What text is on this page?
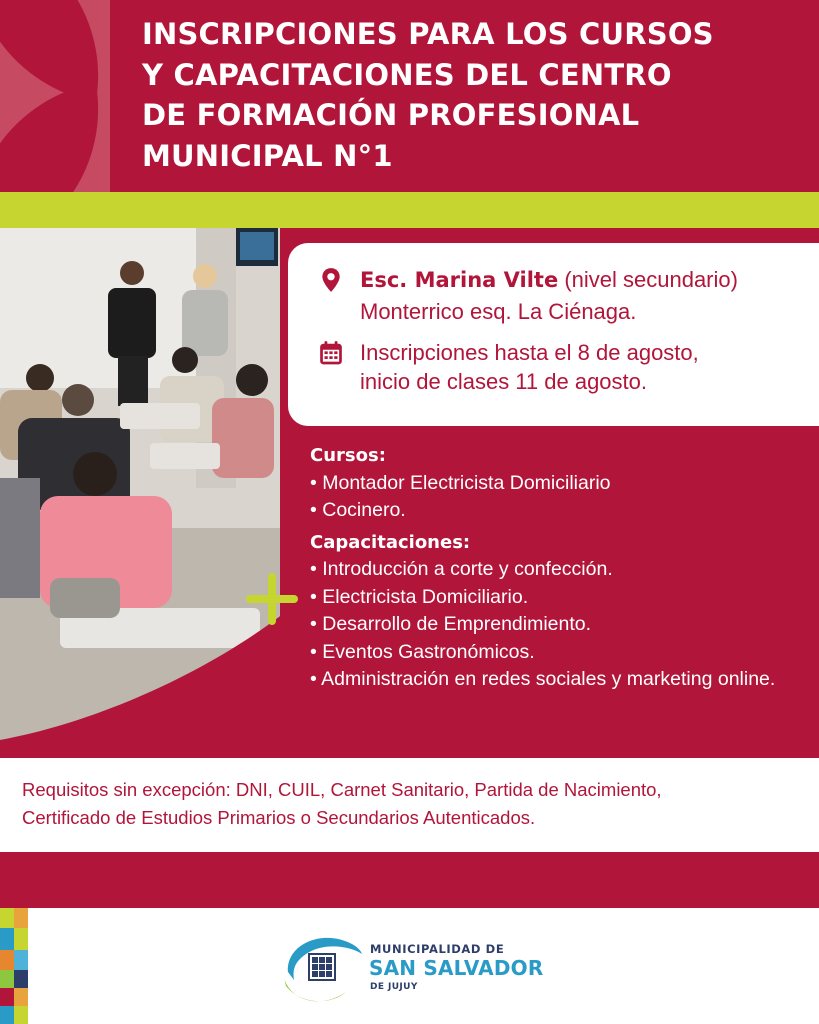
INSCRIPCIONES PARA LOS CURSOS
Y CAPACITACIONES DEL CENTRO
DE FORMACIÓN PROFESIONAL
MUNICIPAL N°1
Esc. Marina Vilte (nivel secundario)
Monterrico esq. La Ciénaga.
Inscripciones hasta el 8 de agosto,
inicio de clases 11 de agosto.
Cursos:
• Montador Electricista Domiciliario
• Cocinero.
Capacitaciones:
• Introducción a corte y confección.
• Electricista Domiciliario.
• Desarrollo de Emprendimiento.
• Eventos Gastronómicos.
• Administración en redes sociales y marketing online.
Requisitos sin excepción: DNI, CUIL, Carnet Sanitario, Partida de Nacimiento,
Certificado de Estudios Primarios o Secundarios Autenticados.
MUNICIPALIDAD DE
SAN SALVADOR
DE JUJUY
